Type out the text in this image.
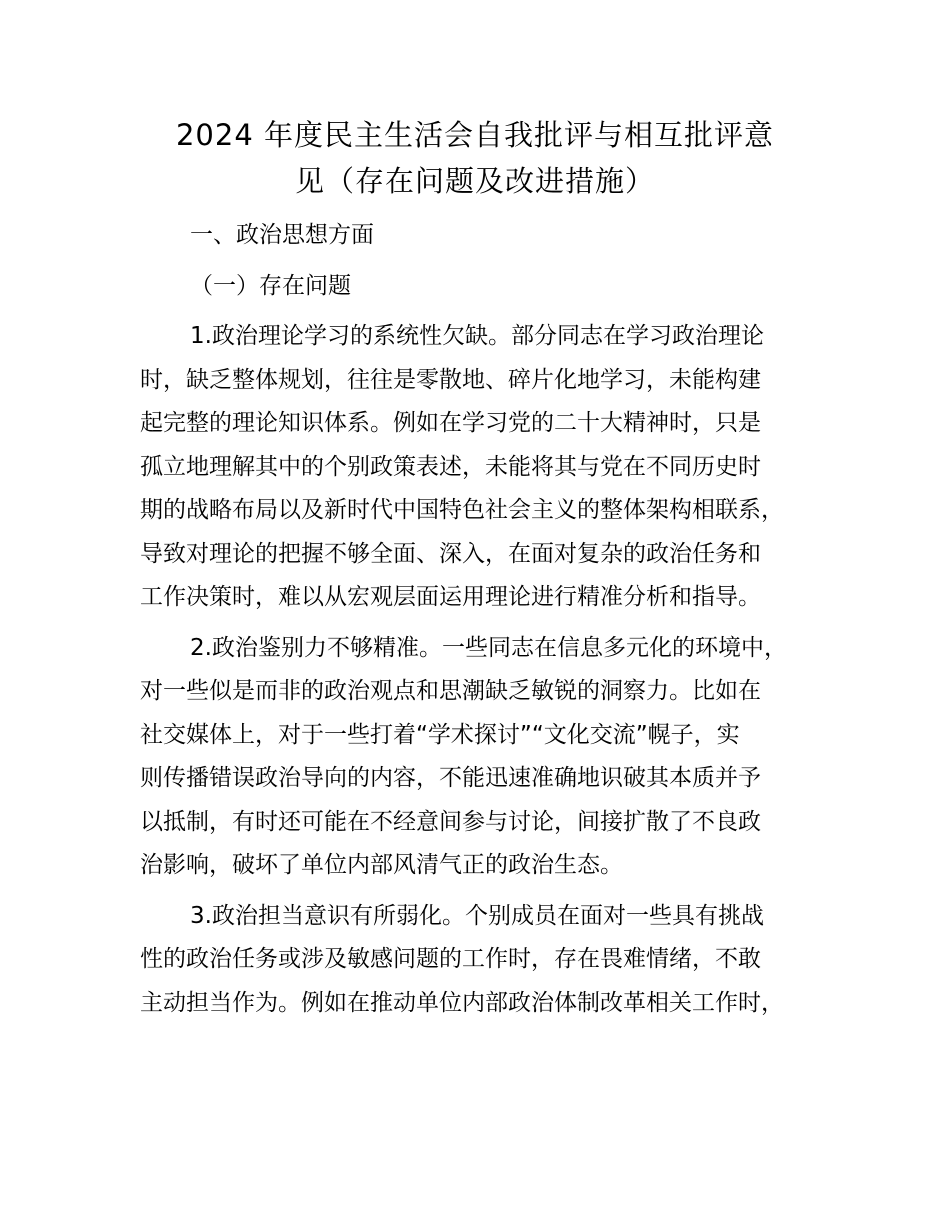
2024 年度民主生活会自我批评与相互批评意
见（存在问题及改进措施）
一、政治思想方面
（一）存在问题
1.政治理论学习的系统性欠缺。部分同志在学习政治理论
时，缺乏整体规划，往往是零散地、碎片化地学习，未能构建
起完整的理论知识体系。例如在学习党的二十大精神时，只是
孤立地理解其中的个别政策表述，未能将其与党在不同历史时
期的战略布局以及新时代中国特色社会主义的整体架构相联系，
导致对理论的把握不够全面、深入，在面对复杂的政治任务和
工作决策时，难以从宏观层面运用理论进行精准分析和指导。
2.政治鉴别力不够精准。一些同志在信息多元化的环境中，
对一些似是而非的政治观点和思潮缺乏敏锐的洞察力。比如在
社交媒体上，对于一些打着“学术探讨”“文化交流”幌子，实
则传播错误政治导向的内容，不能迅速准确地识破其本质并予
以抵制，有时还可能在不经意间参与讨论，间接扩散了不良政
治影响，破坏了单位内部风清气正的政治生态。
3.政治担当意识有所弱化。个别成员在面对一些具有挑战
性的政治任务或涉及敏感问题的工作时，存在畏难情绪，不敢
主动担当作为。例如在推动单位内部政治体制改革相关工作时，
